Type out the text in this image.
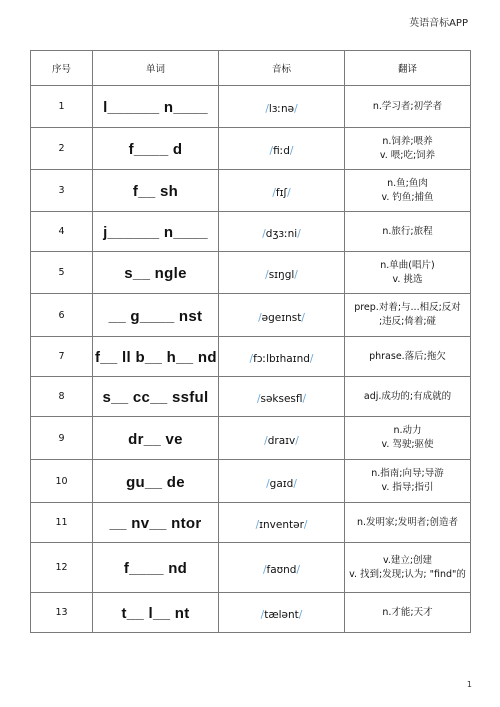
英语音标APP
序号	单词	音标	翻译
1	l______ n____	/lɜːnə/	n.学习者;初学者

2	f____ d	/fiːd/	n.饲养;喂养
v. 喂;吃;饲养

3	f__ sh	/fɪʃ/	n.鱼;鱼肉
v. 钓鱼;捕鱼

4	j______ n____	/dʒɜːni/	n.旅行;旅程

5	s__ ngle	/sɪŋgl/	n.单曲(唱片)
v. 挑选

6	__ g____ nst	/əgeɪnst/	prep.对着;与...相反;反对
;违反;倚着;碰

7	f__ ll b__ h__ nd	/fɔːlbɪhaɪnd/	phrase.落后;拖欠

8	s__ cc__ ssful	/səksesfl/	adj.成功的;有成就的

9	dr__ ve	/draɪv/	n.动力
v. 驾驶;驱使

10	gu__ de	/gaɪd/	n.指南;向导;导游
v. 指导;指引

11	__ nv__ ntor	/ɪnventər/	n.发明家;发明者;创造者

12	f____ nd	/faʊnd/	v.建立;创建
v. 找到;发现;认为; "find"的

13	t__ l__ nt	/tælənt/	n.才能;天才
1
